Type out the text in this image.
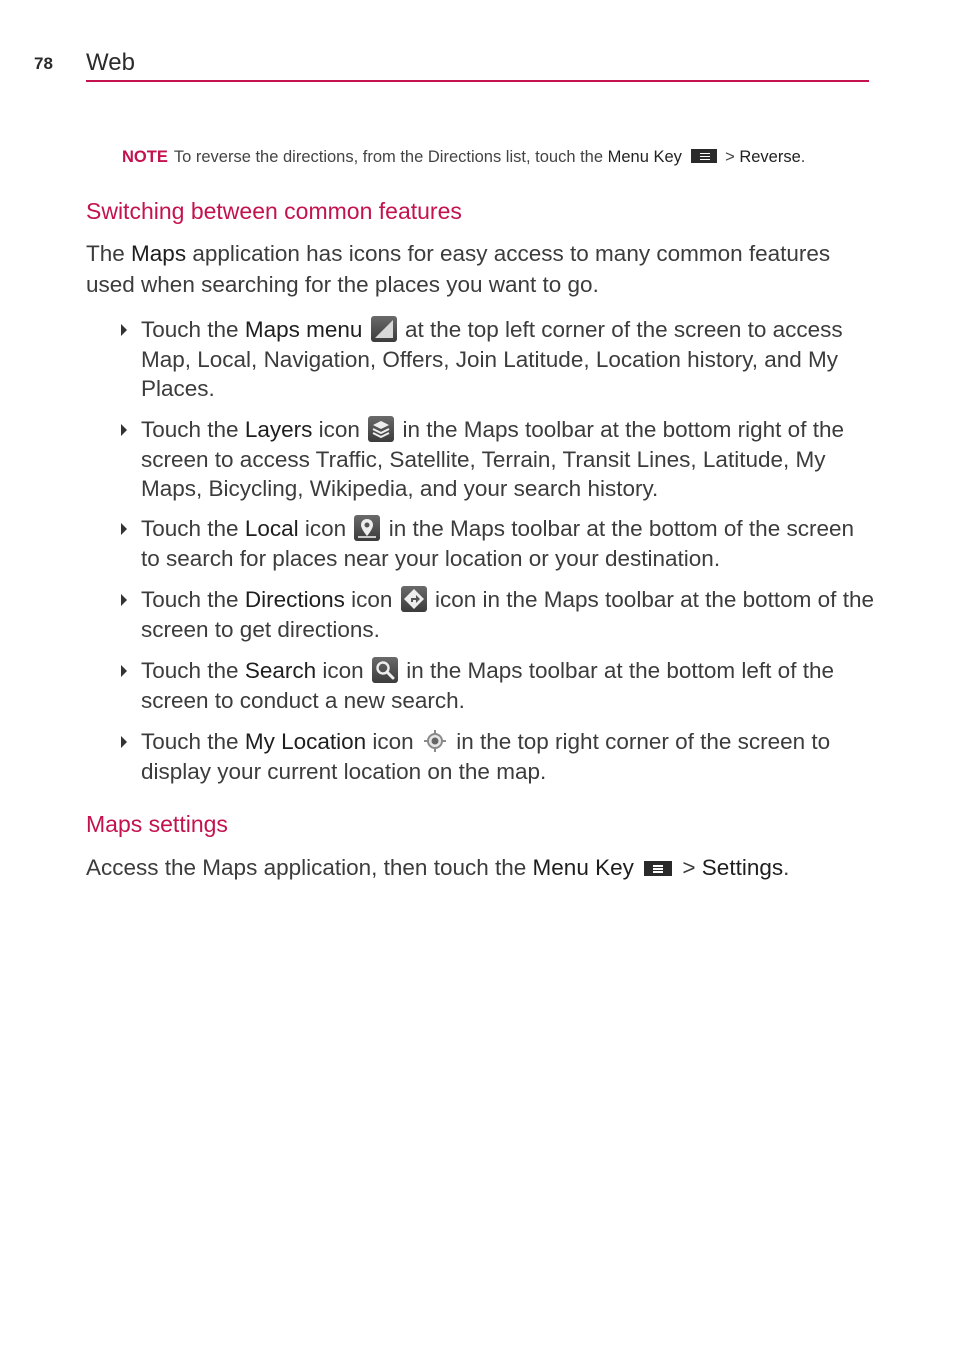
78 Web
NOTE To reverse the directions, from the Directions list, touch the Menu Key	> Reverse.
Switching between common features
The Maps application has icons for easy access to many common features used when searching for the places you want to go.
Touch the Maps menu at the top left corner of the screen to access Map, Local, Navigation, Offers, Join Latitude, Location history, and My Places.
Touch the Layers icon in the Maps toolbar at the bottom right of the screen to access Traffic, Satellite, Terrain, Transit Lines, Latitude, My Maps, Bicycling, Wikipedia, and your search history.
Touch the Local icon in the Maps toolbar at the bottom of the screen to search for places near your location or your destination.
Touch the Directions icon icon in the Maps toolbar at the bottom of the screen to get directions.
Touch the Search icon in the Maps toolbar at the bottom left of the screen to conduct a new search.
Touch the My Location icon in the top right corner of the screen to display your current location on the map.
Maps settings
Access the Maps application, then touch the Menu Key > Settings.
